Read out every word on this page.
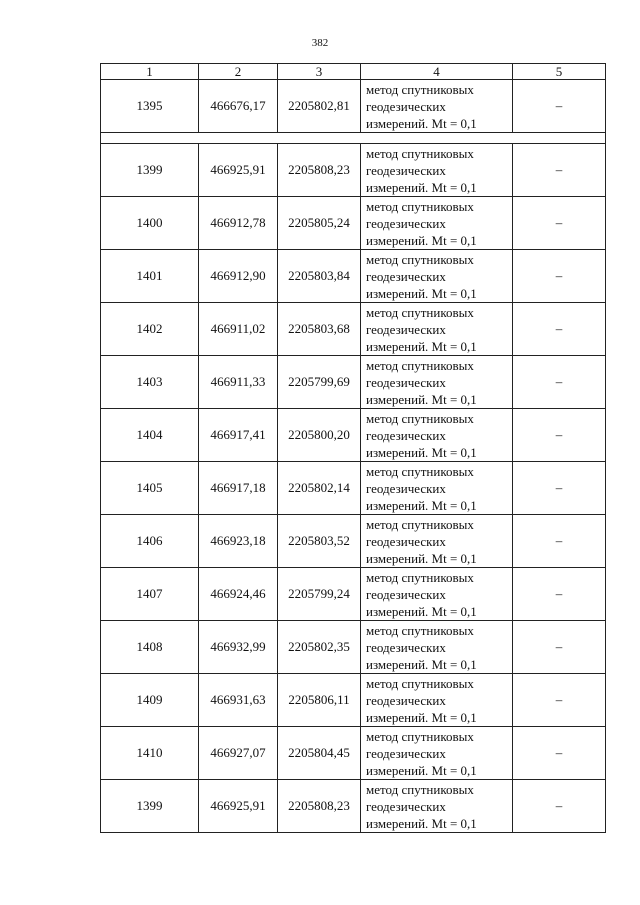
382
1	2	3	4	5
1395	466676,17	2205802,81	метод спутниковых
геодезических
измерений. Mt = 0,1	–

1399	466925,91	2205808,23	метод спутниковых
геодезических
измерений. Mt = 0,1	–
1400	466912,78	2205805,24	метод спутниковых
геодезических
измерений. Mt = 0,1	–
1401	466912,90	2205803,84	метод спутниковых
геодезических
измерений. Mt = 0,1	–
1402	466911,02	2205803,68	метод спутниковых
геодезических
измерений. Mt = 0,1	–
1403	466911,33	2205799,69	метод спутниковых
геодезических
измерений. Mt = 0,1	–
1404	466917,41	2205800,20	метод спутниковых
геодезических
измерений. Mt = 0,1	–
1405	466917,18	2205802,14	метод спутниковых
геодезических
измерений. Mt = 0,1	–
1406	466923,18	2205803,52	метод спутниковых
геодезических
измерений. Mt = 0,1	–
1407	466924,46	2205799,24	метод спутниковых
геодезических
измерений. Mt = 0,1	–
1408	466932,99	2205802,35	метод спутниковых
геодезических
измерений. Mt = 0,1	–
1409	466931,63	2205806,11	метод спутниковых
геодезических
измерений. Mt = 0,1	–
1410	466927,07	2205804,45	метод спутниковых
геодезических
измерений. Mt = 0,1	–
1399	466925,91	2205808,23	метод спутниковых
геодезических
измерений. Mt = 0,1	–
